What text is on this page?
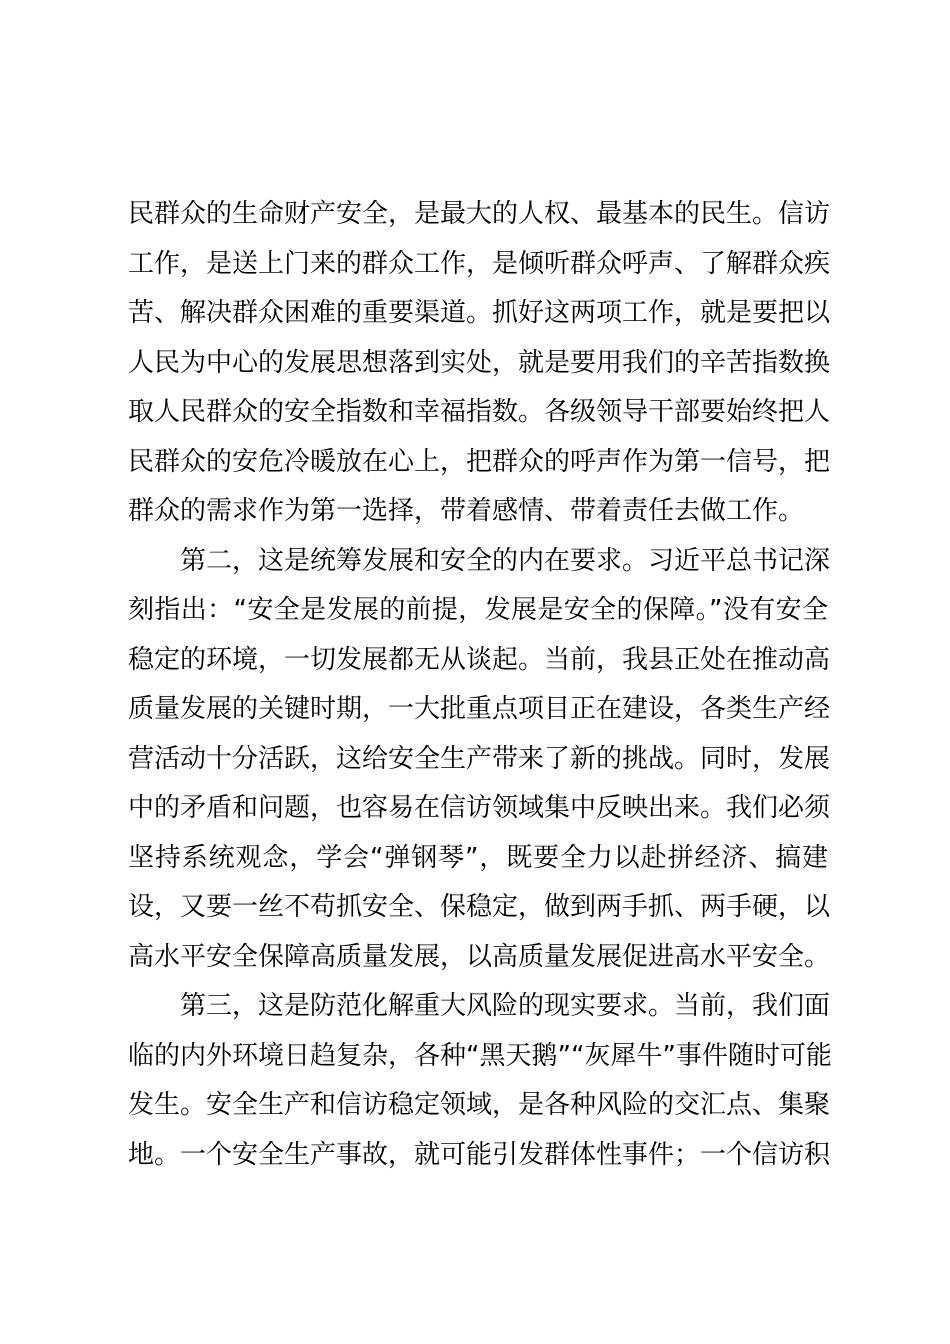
民群众的生命财产安全，是最大的人权、最基本的民生。信访
工作，是送上门来的群众工作，是倾听群众呼声、了解群众疾
苦、解决群众困难的重要渠道。抓好这两项工作，就是要把以
人民为中心的发展思想落到实处，就是要用我们的辛苦指数换
取人民群众的安全指数和幸福指数。各级领导干部要始终把人
民群众的安危冷暖放在心上，把群众的呼声作为第一信号，把
群众的需求作为第一选择，带着感情、带着责任去做工作。
第二，这是统筹发展和安全的内在要求。习近平总书记深
刻指出：“安全是发展的前提，发展是安全的保障。”没有安全
稳定的环境，一切发展都无从谈起。当前，我县正处在推动高
质量发展的关键时期，一大批重点项目正在建设，各类生产经
营活动十分活跃，这给安全生产带来了新的挑战。同时，发展
中的矛盾和问题，也容易在信访领域集中反映出来。我们必须
坚持系统观念，学会“弹钢琴”，既要全力以赴拼经济、搞建
设，又要一丝不苟抓安全、保稳定，做到两手抓、两手硬，以
高水平安全保障高质量发展，以高质量发展促进高水平安全。
第三，这是防范化解重大风险的现实要求。当前，我们面
临的内外环境日趋复杂，各种“黑天鹅”“灰犀牛”事件随时可能
发生。安全生产和信访稳定领域，是各种风险的交汇点、集聚
地。一个安全生产事故，就可能引发群体性事件；一个信访积
